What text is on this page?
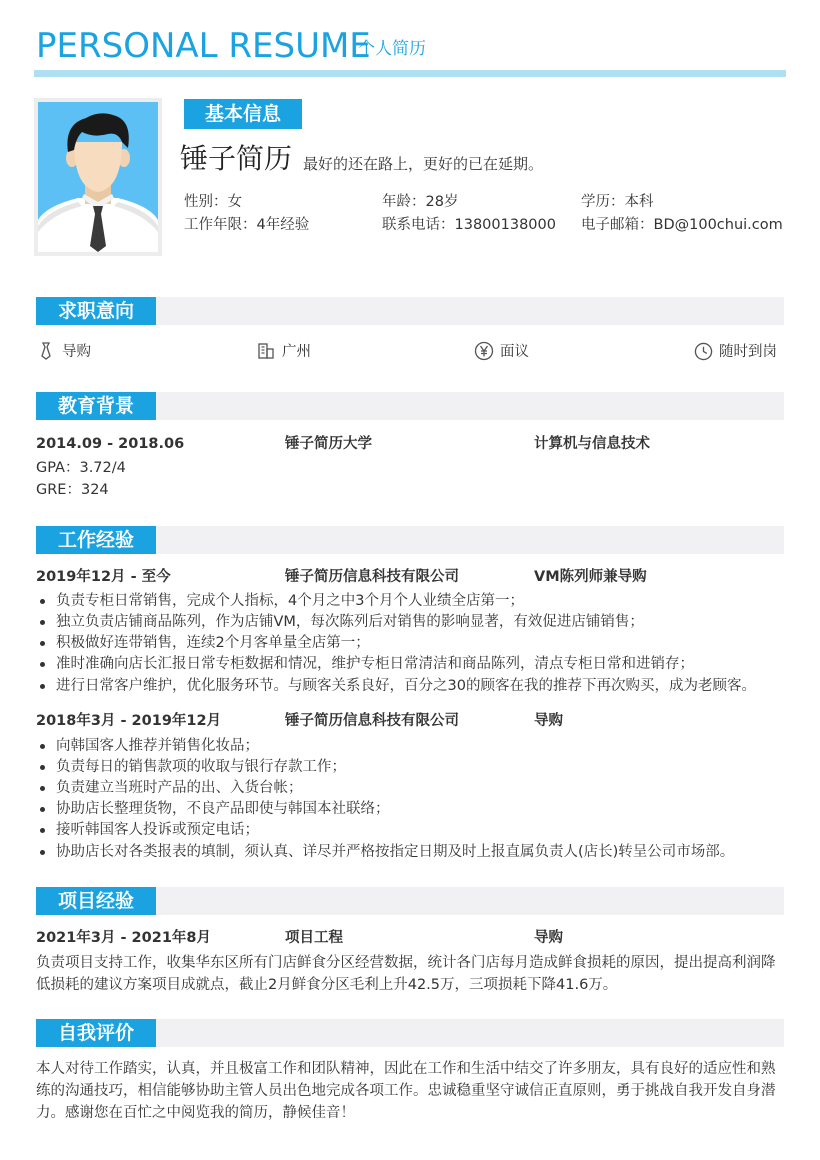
PERSONAL RESUME
个人简历
基本信息
锤子简历 最好的还在路上，更好的已在延期。
性别：女	年龄：28岁	学历：本科
工作年限：4年经验	联系电话：13800138000 电子邮箱：BD@100chui.com
求职意向
导购	广州	面议	随时到岗
教育背景
2014.09 - 2018.06	锤子简历大学	计算机与信息技术
GPA：3.72/4
GRE：324
工作经验
2019年12月 - 至今	锤子简历信息科技有限公司	VM陈列师兼导购
负责专柜日常销售，完成个人指标，4个月之中3个月个人业绩全店第一；
独立负责店铺商品陈列，作为店铺VM，每次陈列后对销售的影响显著，有效促进店铺销售；
积极做好连带销售，连续2个月客单量全店第一；
准时准确向店长汇报日常专柜数据和情况，维护专柜日常清洁和商品陈列，清点专柜日常和进销存；
进行日常客户维护，优化服务环节。与顾客关系良好，百分之30的顾客在我的推荐下再次购买，成为老顾客。
2018年3月 - 2019年12月	锤子简历信息科技有限公司	导购
向韩国客人推荐并销售化妆品；
负责每日的销售款项的收取与银行存款工作；
负责建立当班时产品的出、入货台帐；
协助店长整理货物，不良产品即使与韩国本社联络；
接听韩国客人投诉或预定电话；
协助店长对各类报表的填制，须认真、详尽并严格按指定日期及时上报直属负责人(店长)转呈公司市场部。
项目经验
2021年3月 - 2021年8月	项目工程	导购
负责项目支持工作，收集华东区所有门店鲜食分区经营数据，统计各门店每月造成鲜食损耗的原因，提出提高利润降低损耗的建议方案项目成就点，截止2月鲜食分区毛利上升42.5万，三项损耗下降41.6万。
自我评价
本人对待工作踏实，认真，并且极富工作和团队精神，因此在工作和生活中结交了许多朋友，具有良好的适应性和熟练的沟通技巧，相信能够协助主管人员出色地完成各项工作。忠诚稳重坚守诚信正直原则，勇于挑战自我开发自身潜力。感谢您在百忙之中阅览我的简历，静候佳音！
